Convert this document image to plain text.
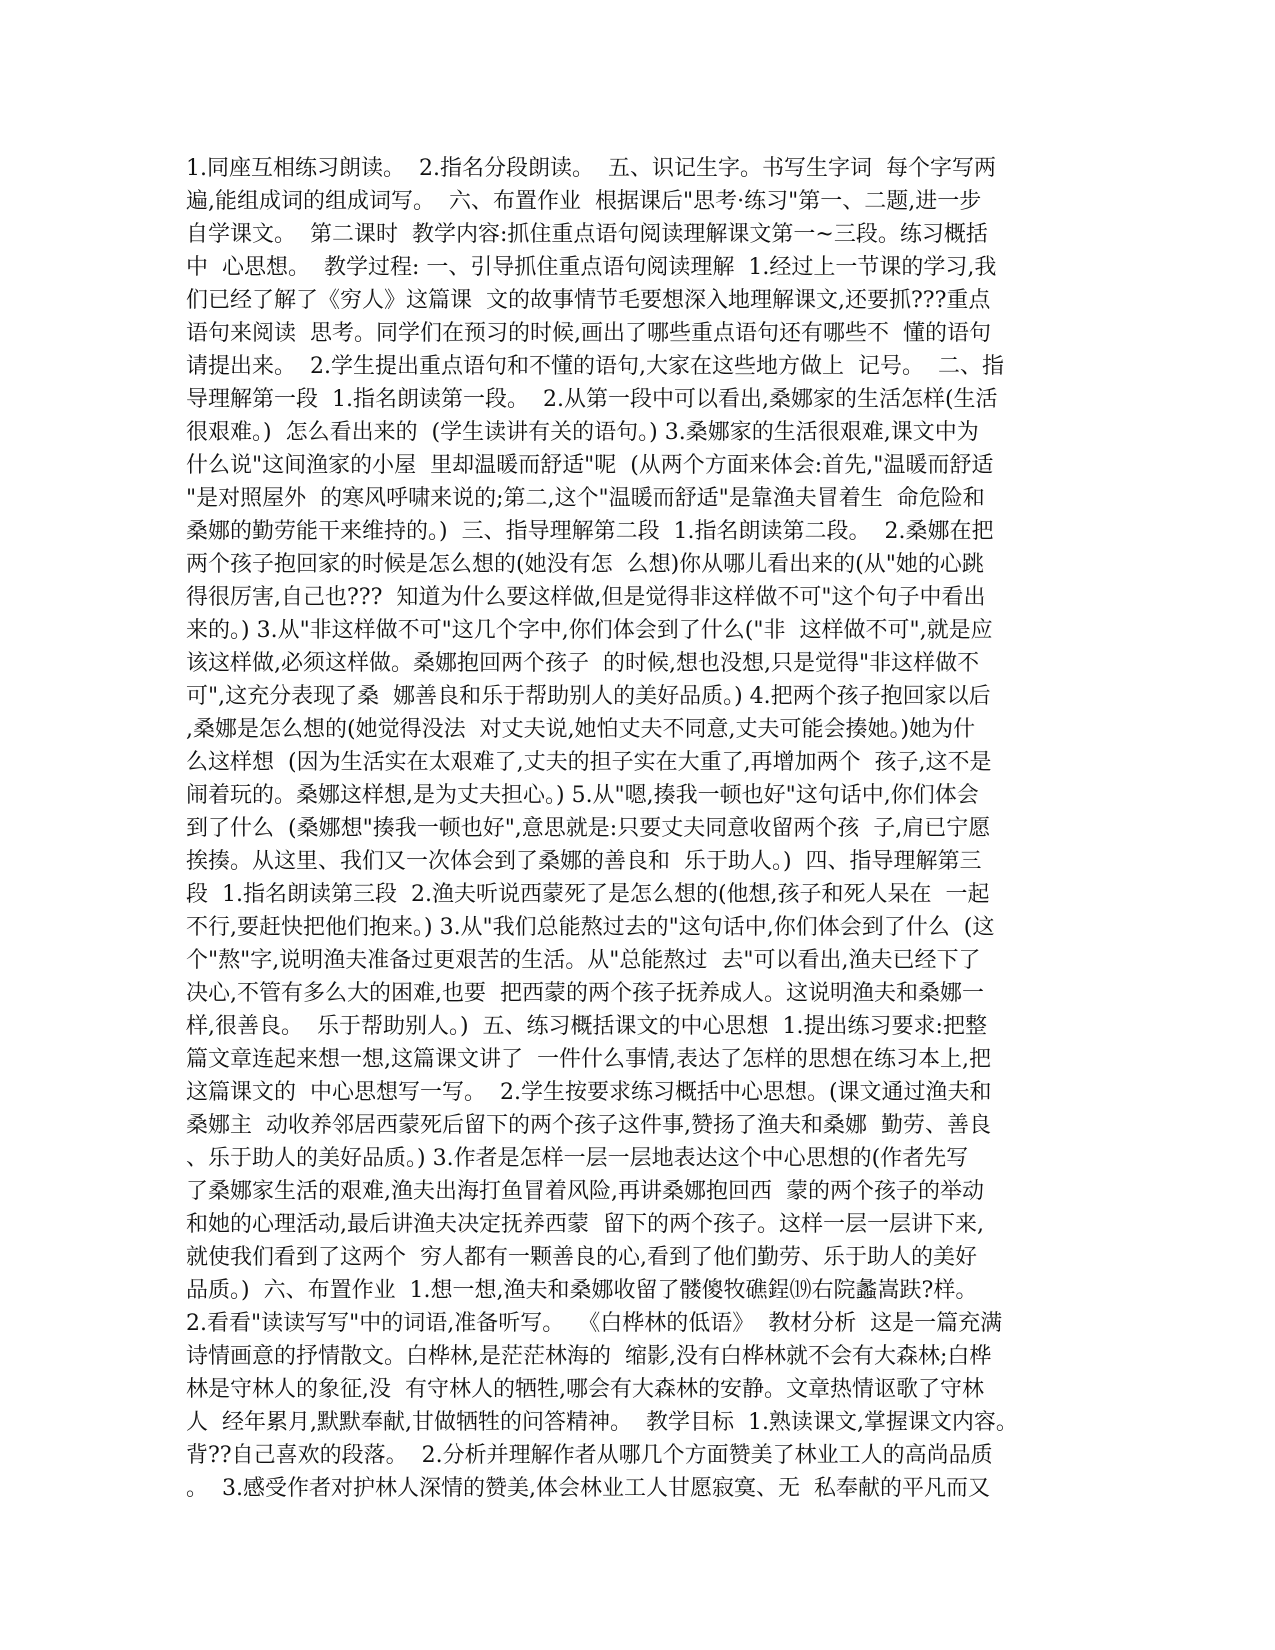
1.同座互相练习朗读。  2.指名分段朗读。  五、识记生字。书写生字词  每个字写两
遍,能组成词的组成词写。  六、布置作业  根据课后"思考·练习"第一、二题,进一步
自学课文。  第二课时  教学内容:抓住重点语句阅读理解课文第一~三段。练习概括
中  心思想。  教学过程: 一、引导抓住重点语句阅读理解  1.经过上一节课的学习,我
们已经了解了《穷人》这篇课  文的故事情节毛要想深入地理解课文,还要抓???重点
语句来阅读  思考。同学们在预习的时候,画出了哪些重点语句还有哪些不  懂的语句
请提出来。  2.学生提出重点语句和不懂的语句,大家在这些地方做上  记号。  二、指
导理解第一段  1.指名朗读第一段。  2.从第一段中可以看出,桑娜家的生活怎样(生活
很艰难。)  怎么看出来的  (学生读讲有关的语句。) 3.桑娜家的生活很艰难,课文中为
什么说"这间渔家的小屋  里却温暖而舒适"呢  (从两个方面来体会:首先,"温暖而舒适
"是对照屋外  的寒风呼啸来说的;第二,这个"温暖而舒适"是靠渔夫冒着生  命危险和
桑娜的勤劳能干来维持的。)  三、指导理解第二段  1.指名朗读第二段。  2.桑娜在把
两个孩子抱回家的时候是怎么想的(她没有怎  么想)你从哪儿看出来的(从"她的心跳
得很厉害,自己也???  知道为什么要这样做,但是觉得非这样做不可"这个句子中看出
来的。) 3.从"非这样做不可"这几个字中,你们体会到了什么("非  这样做不可",就是应
该这样做,必须这样做。桑娜抱回两个孩子  的时候,想也没想,只是觉得"非这样做不
可",这充分表现了桑  娜善良和乐于帮助别人的美好品质。) 4.把两个孩子抱回家以后
,桑娜是怎么想的(她觉得没法  对丈夫说,她怕丈夫不同意,丈夫可能会揍她。)她为什
么这样想  (因为生活实在太艰难了,丈夫的担子实在大重了,再增加两个  孩子,这不是
闹着玩的。桑娜这样想,是为丈夫担心。) 5.从"嗯,揍我一顿也好"这句话中,你们体会
到了什么  (桑娜想"揍我一顿也好",意思就是:只要丈夫同意收留两个孩  子,肩已宁愿
挨揍。从这里、我们又一次体会到了桑娜的善良和  乐于助人。)  四、指导理解第三
段  1.指名朗读第三段  2.渔夫听说西蒙死了是怎么想的(他想,孩子和死人呆在  一起
不行,要赶快把他们抱来。) 3.从"我们总能熬过去的"这句话中,你们体会到了什么  (这
个"熬"字,说明渔夫准备过更艰苦的生活。从"总能熬过  去"可以看出,渔夫已经下了
决心,不管有多么大的困难,也要  把西蒙的两个孩子抚养成人。这说明渔夫和桑娜一
样,很善良。  乐于帮助别人。)  五、练习概括课文的中心思想  1.提出练习要求:把整
篇文章连起来想一想,这篇课文讲了  一件什么事情,表达了怎样的思想在练习本上,把
这篇课文的  中心思想写一写。  2.学生按要求练习概括中心思想。(课文通过渔夫和
桑娜主  动收养邻居西蒙死后留下的两个孩子这件事,赞扬了渔夫和桑娜  勤劳、善良
、乐于助人的美好品质。) 3.作者是怎样一层一层地表达这个中心思想的(作者先写
了桑娜家生活的艰难,渔夫出海打鱼冒着风险,再讲桑娜抱回西  蒙的两个孩子的举动
和她的心理活动,最后讲渔夫决定抚养西蒙  留下的两个孩子。这样一层一层讲下来,
就使我们看到了这两个  穷人都有一颗善良的心,看到了他们勤劳、乐于助人的美好
品质。)  六、布置作业  1.想一想,渔夫和桑娜收留了髅傻牧礁鋥⒆右院蠡嵩趺?样。
2.看看"读读写写"中的词语,准备听写。  《白桦林的低语》  教材分析  这是一篇充满
诗情画意的抒情散文。白桦林,是茫茫林海的  缩影,没有白桦林就不会有大森林;白桦
林是守林人的象征,没  有守林人的牺牲,哪会有大森林的安静。文章热情讴歌了守林
人  经年累月,默默奉献,甘做牺牲的问答精神。  教学目标  1.熟读课文,掌握课文内容。
背??自己喜欢的段落。  2.分析并理解作者从哪几个方面赞美了林业工人的高尚品质
。  3.感受作者对护林人深情的赞美,体会林业工人甘愿寂寞、无  私奉献的平凡而又
